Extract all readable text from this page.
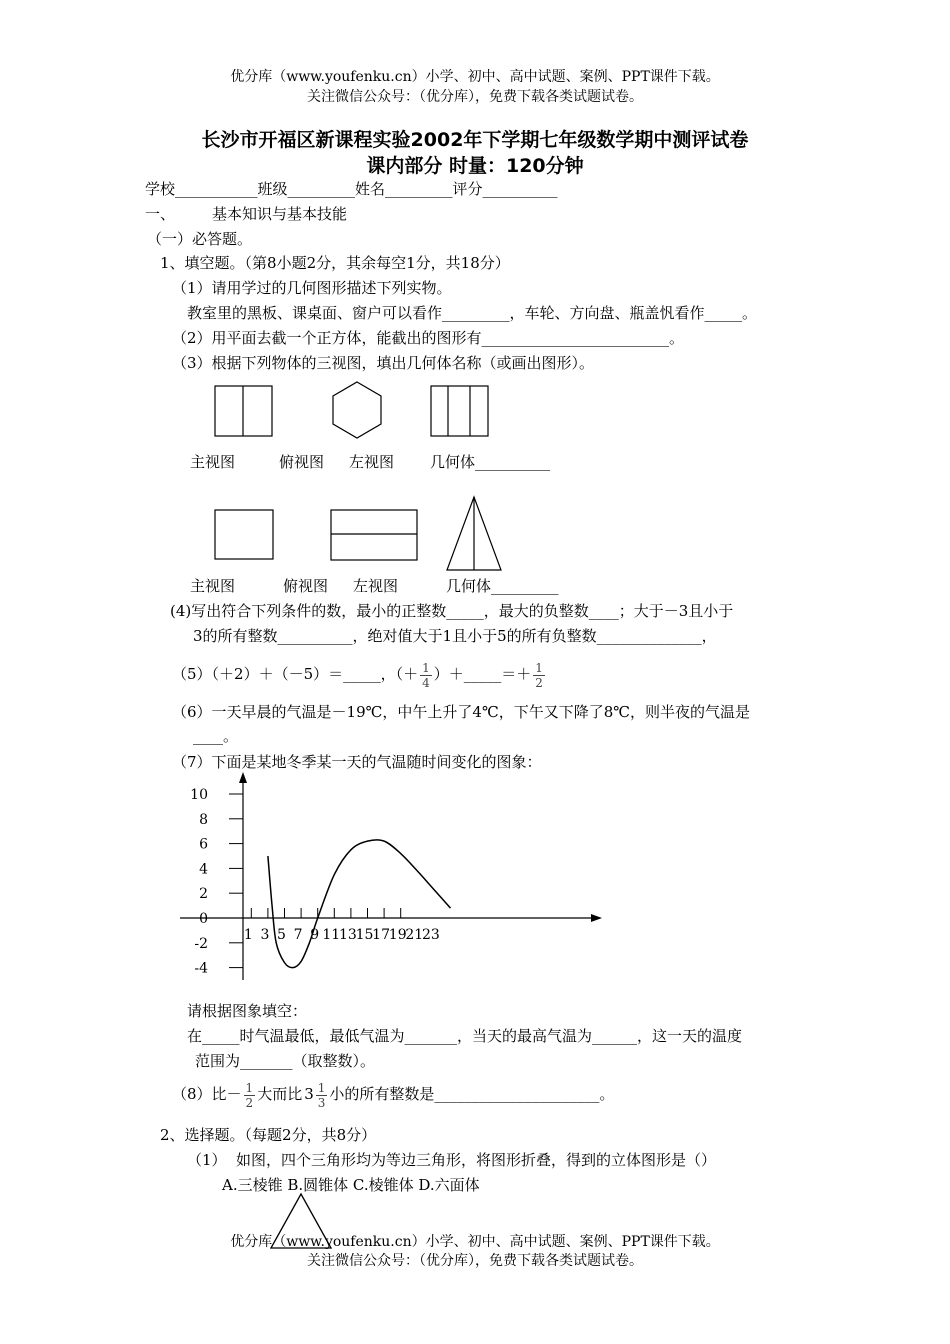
优分库（www.youfenku.cn）小学、初中、高中试题、案例、PPT课件下载。
关注微信公众号：（优分库），免费下载各类试题试卷。
长沙市开福区新课程实验2002年下学期七年级数学期中测评试卷
课内部分 时量：120分钟
学校___________班级_________姓名_________评分__________
一、 基本知识与基本技能
（一）必答题。
1、填空题。（第8小题2分，其余每空1分，共18分）
（1）请用学过的几何图形描述下列实物。
教室里的黑板、课桌面、窗户可以看作_________，车轮、方向盘、瓶盖忛看作_____。
（2）用平面去截一个正方体，能截出的图形有_________________________。
（3）根据下列物体的三视图，填出几何体名称（或画出图形）。
主视图	俯视图 左视图 几何体__________
主视图	俯视图 左视图	几何体_________
(4)写出符合下列条件的数，最小的正整数_____，最大的负整数____；大于－3且小于
3的所有整数__________，绝对值大于1且小于5的所有负整数______________，
（5）（＋2）＋（－5）＝_____，（＋ $\frac{1}{4}$ ）＋_____＝＋ $\frac{1}{2}$
（6）一天早晨的气温是－19℃，中午上升了4℃，下午又下降了8℃，则半夜的气温是
____。
（7）下面是某地冬季某一天的气温随时间变化的图象：
10
8
6
4
2
0
-2
-4
1 3 5 7 9 11
13
15
17
19
21
23
请根据图象填空：
在_____时气温最低，最低气温为_______，当天的最高气温为______，这一天的温度
范围为_______（取整数）。
（8）比－ $\frac{1}{2}$ 大而比 $3 \frac{1}{3}$ 小的所有整数是______________________。
2、选择题。（每题2分，共8分）
（1） 如图，四个三角形均为等边三角形，将图形折叠，得到的立体图形是（）
A.三棱锥 B.圆锥体 C.棱锥体 D.六面体
优分库（www.youfenku.cn）小学、初中、高中试题、案例、PPT课件下载。
关注微信公众号：（优分库），免费下载各类试题试卷。
